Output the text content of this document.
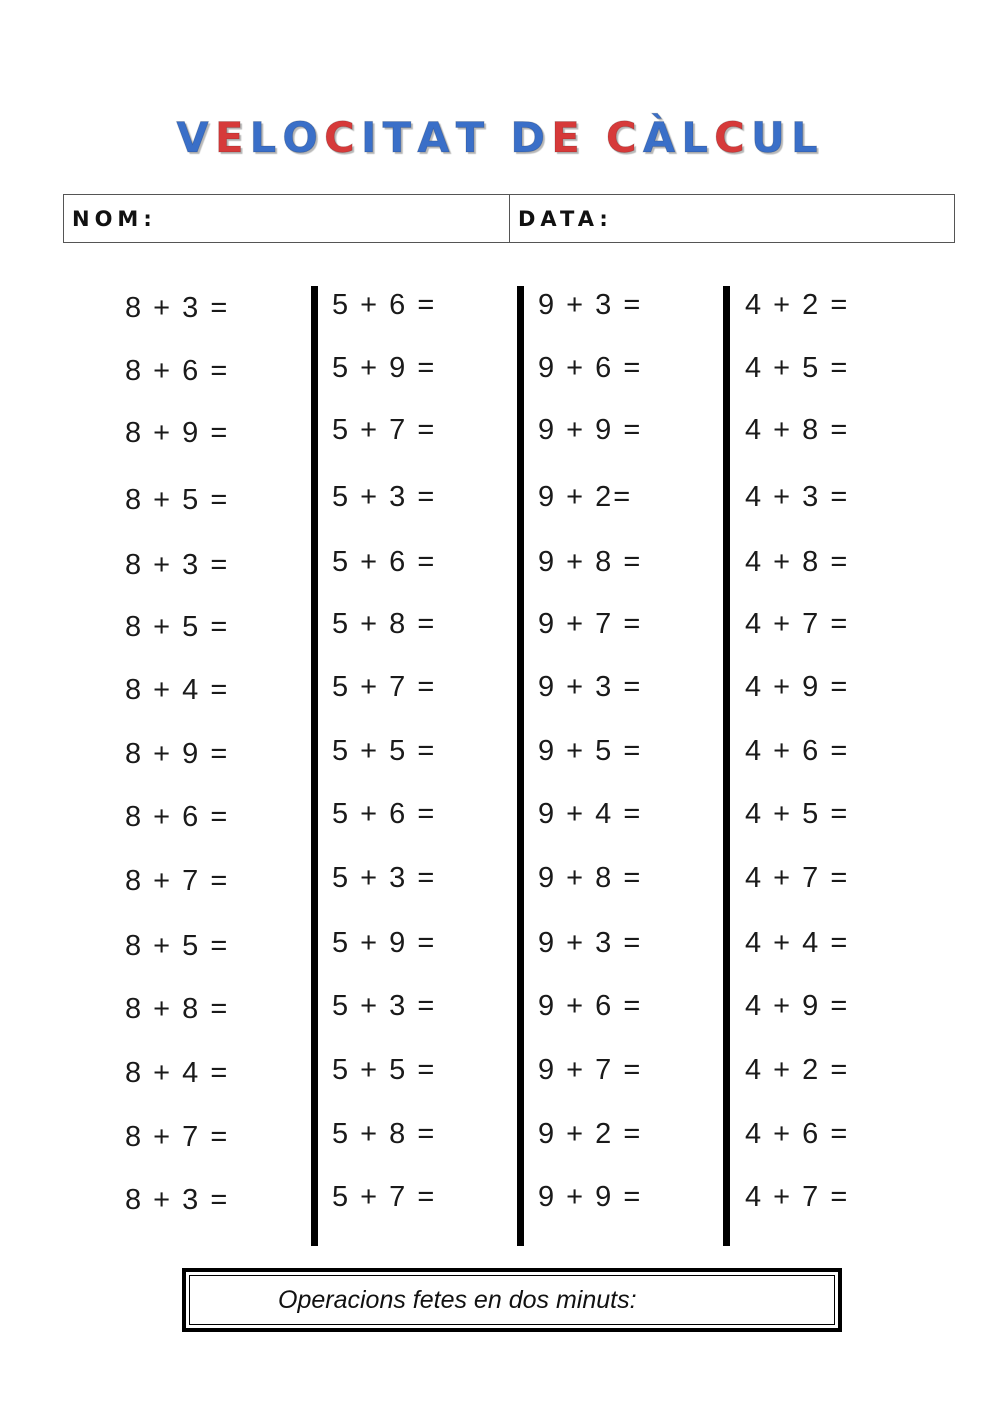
VELOCITAT DE CÀLCUL
NOM:	DATA:
8 + 3 =
8 + 6 =
8 + 9 =
8 + 5 =
8 + 3 =
8 + 5 =
8 + 4 =
8 + 9 =
8 + 6 =
8 + 7 =
8 + 5 =
8 + 8 =
8 + 4 =
8 + 7 =
8 + 3 =
5 + 6 =
5 + 9 =
5 + 7 =
5 + 3 =
5 + 6 =
5 + 8 =
5 + 7 =
5 + 5 =
5 + 6 =
5 + 3 =
5 + 9 =
5 + 3 =
5 + 5 =
5 + 8 =
5 + 7 =
9 + 3 =
9 + 6 =
9 + 9 =
9 + 2=
9 + 8 =
9 + 7 =
9 + 3 =
9 + 5 =
9 + 4 =
9 + 8 =
9 + 3 =
9 + 6 =
9 + 7 =
9 + 2 =
9 + 9 =
4 + 2 =
4 + 5 =
4 + 8 =
4 + 3 =
4 + 8 =
4 + 7 =
4 + 9 =
4 + 6 =
4 + 5 =
4 + 7 =
4 + 4 =
4 + 9 =
4 + 2 =
4 + 6 =
4 + 7 =
Operacions fetes en dos minuts:
